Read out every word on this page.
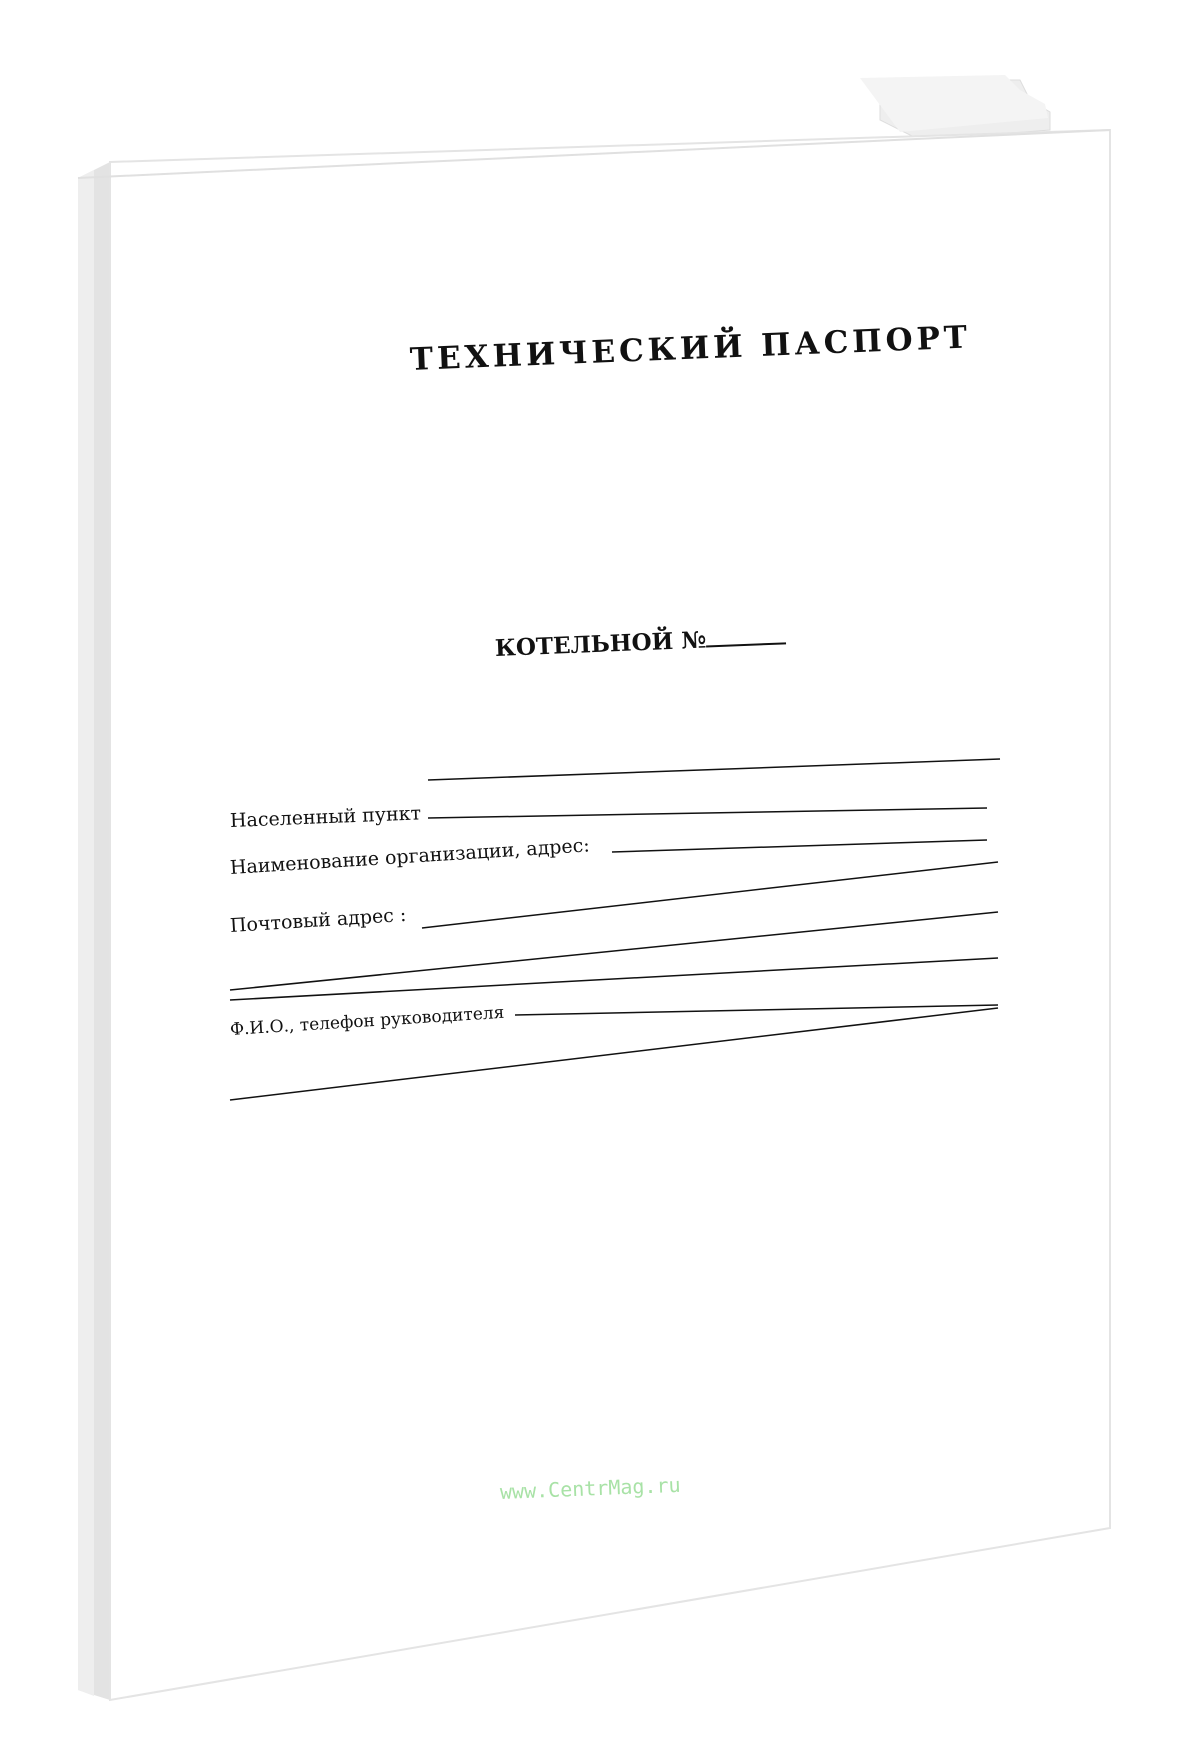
ТЕХНИЧЕСКИЙ ПАСПОРТ
КОТЕЛЬНОЙ №
Населенный пункт
Наименование организации, адрес:
Почтовый адрес :
Ф.И.О., телефон руководителя
www.CentrMag.ru
